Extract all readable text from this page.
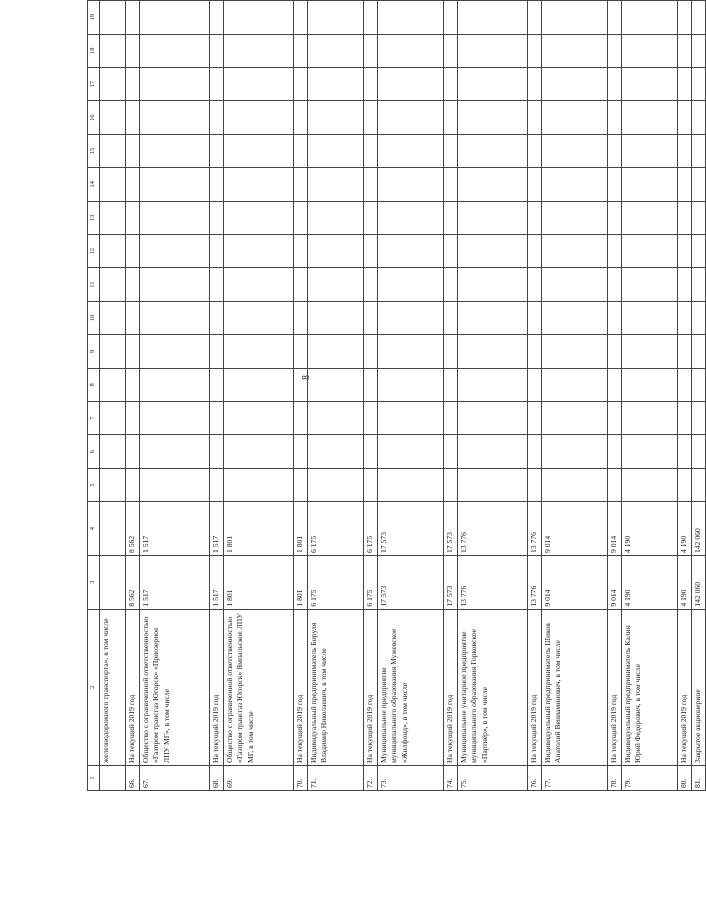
8
1	2	3	4	5	6	7	8	9	10	11	12	13	14	15	16	17	18	19
	железнодорожного транспорта», в том числе																	
66.	На текущий 2019 год	8 562	8 562															
67.	Общество с ограниченной ответственностью «Газпром трансгаз Югорск» «Приозерное ЛПУ МГ», в том числе	1 517	1 517															
68.	На текущий 2019 год	1 517	1 517															
69.	Общество с ограниченной ответственностью «Газпром трансгаз Югорск» Ямпальское ЛПУ МГ, в том числе	1 801	1 801															
70.	На текущий 2019 год	1 801	1 801															
71.	Индивидуальный предприниматель Бируля Владимир Николаевич, в том числе	6 175	6 175															
72.	На текущий 2019 год	6 175	6 175															
73.	Муниципальное предприятие муниципального образования Мужевское «Жилфонд», в том числе	17 573	17 573															
74.	На текущий 2019 год	17 573	17 573															
75.	Муниципальное унитарное предприятие муниципального образования Горковское «Партнёр», в том числе	13 776	13 776															
76.	На текущий 2019 год	13 776	13 776															
77.	Индивидуальный предприниматель Шиков Анатолий Вениаминович, в том числе	9 014	9 014															
78.	На текущий 2019 год	9 014	9 014															
79.	Индивидуальный предприниматель Калин Юрий Федорович, в том числе	4 190	4 190															
80.	На текущий 2019 год	4 190	4 190															
81.	Закрытое акционерное	142 060	142 060															
